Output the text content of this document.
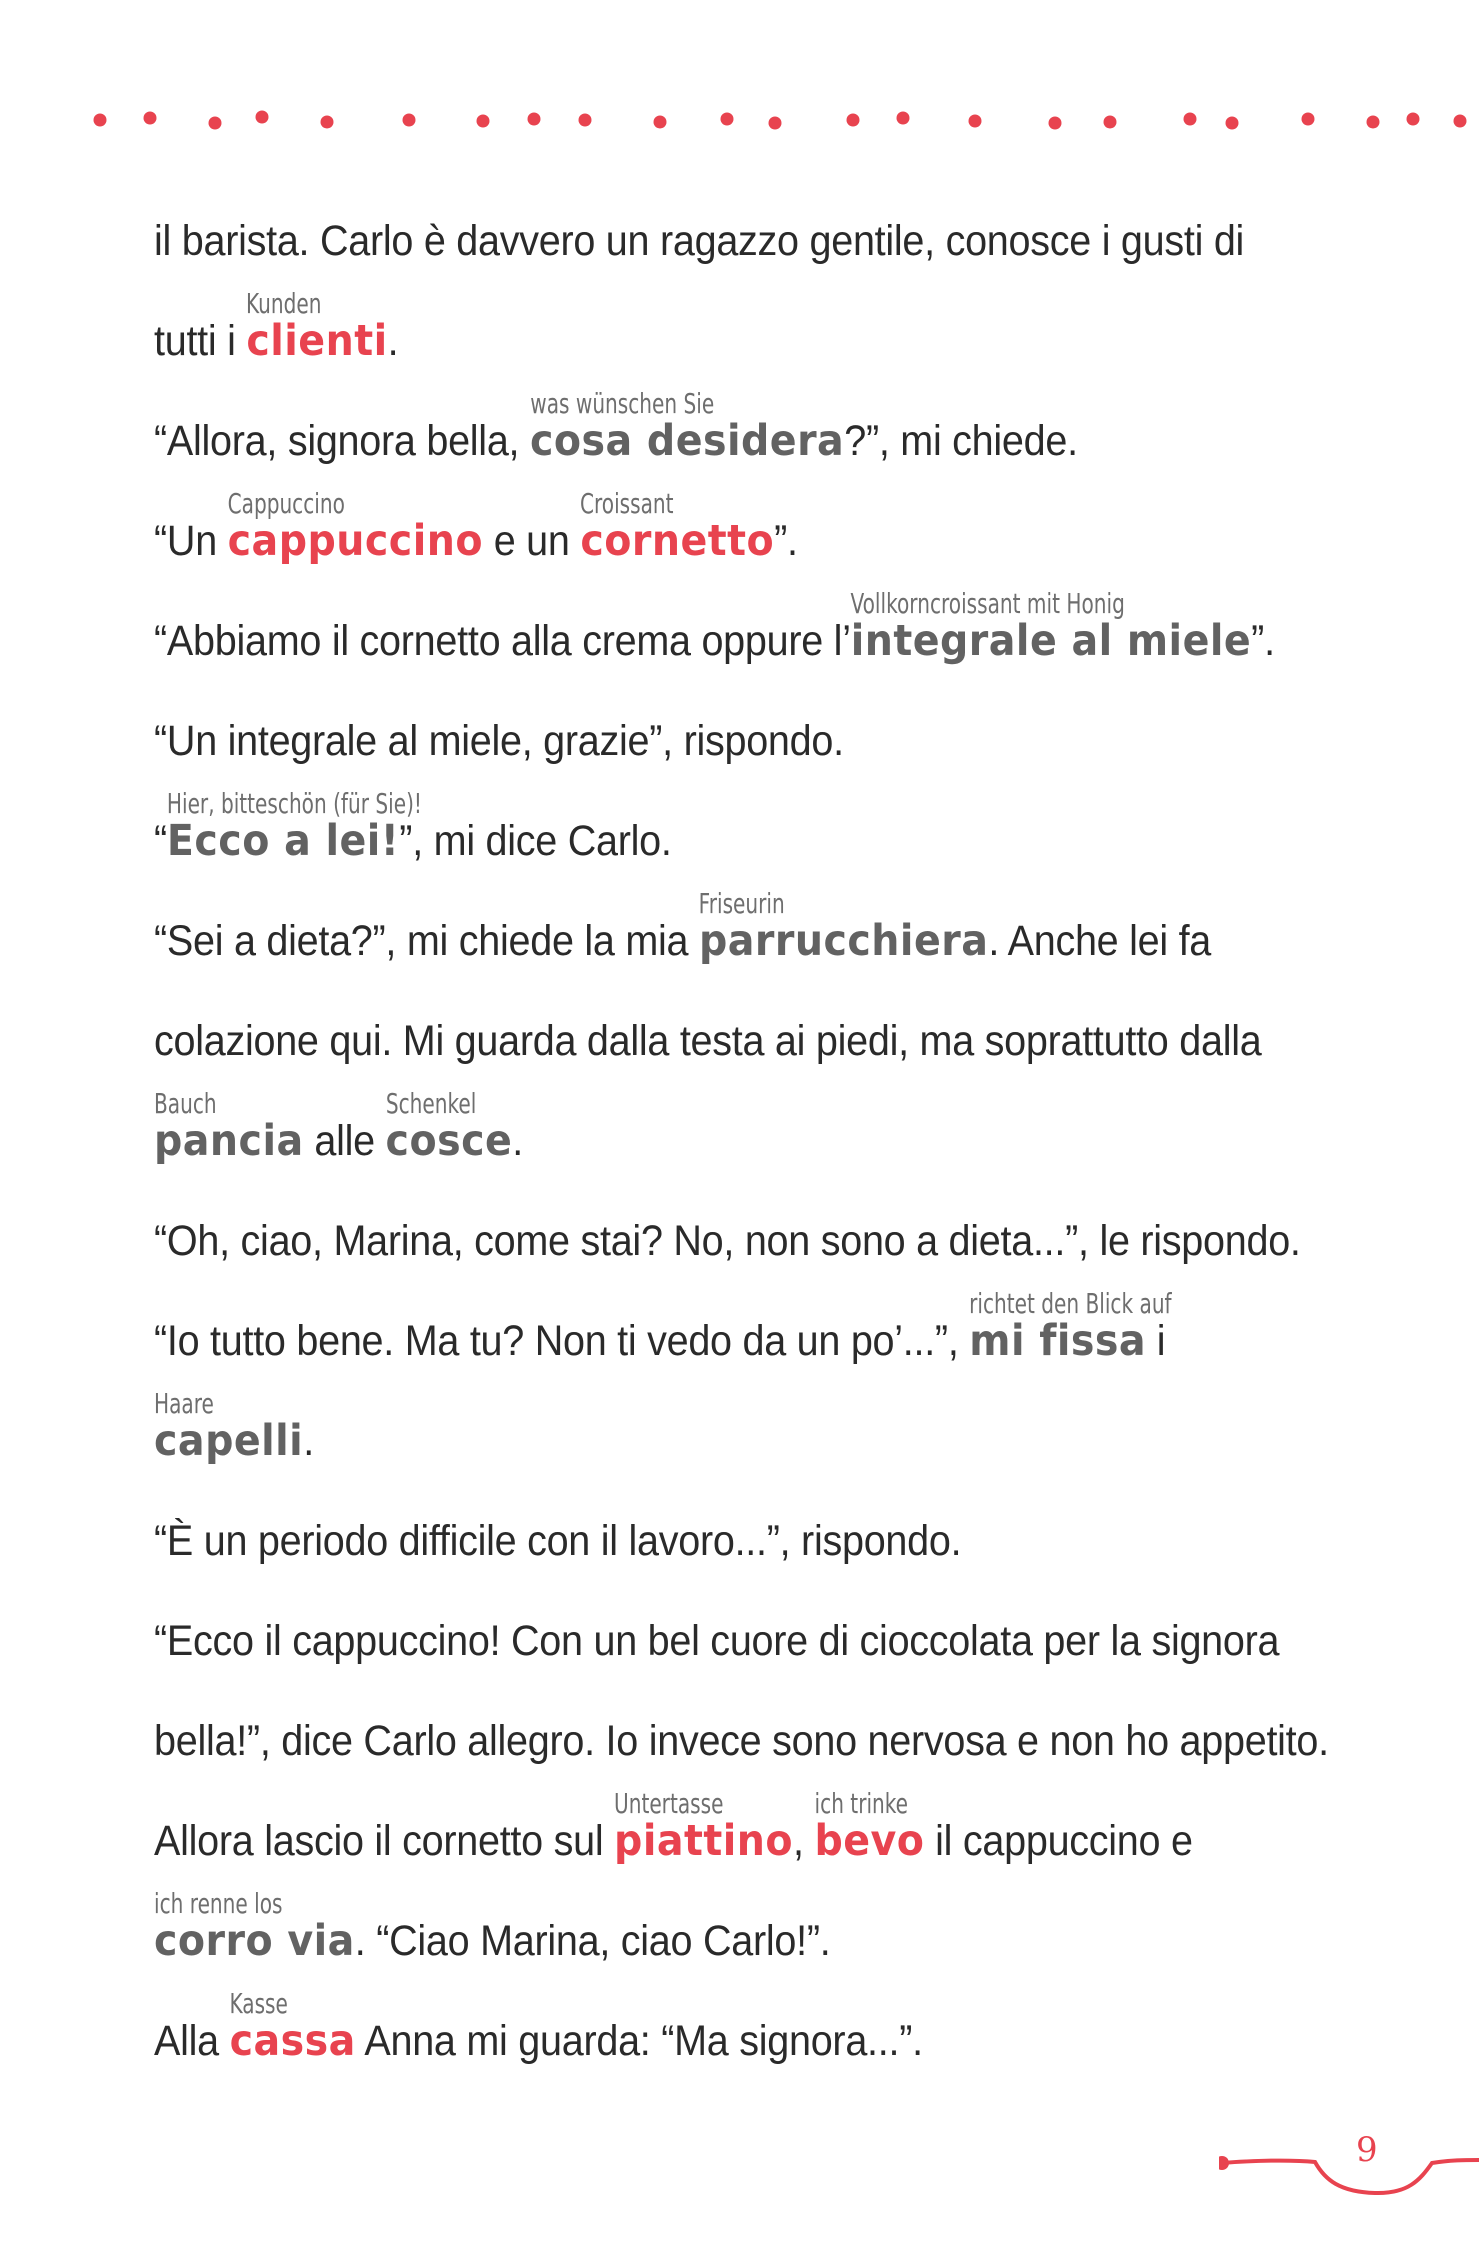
il barista. Carlo è davvero un ragazzo gentile, conosce i gusti di

tutti i clienti
Kunden
.

“Allora, signora bella, cosa desidera
was wünschen Sie
?”, mi chiede.

“Un cappuccino
Cappuccino
e un cornetto
Croissant
”.

“Abbiamo il cornetto alla crema oppure l’integrale al miele
Vollkorncroissant mit Honig
”.

“Un integrale al miele, grazie”, rispondo.

“Ecco a lei!
Hier, bitteschön (für Sie)!
”, mi dice Carlo.

“Sei a dieta?”, mi chiede la mia parrucchiera
Friseurin
. Anche lei fa

colazione qui. Mi guarda dalla testa ai piedi, ma soprattutto dalla

pancia
Bauch
alle cosce
Schenkel
.

“Oh, ciao, Marina, come stai? No, non sono a dieta...”, le rispondo.

“Io tutto bene. Ma tu? Non ti vedo da un po’...”, mi fissa
richtet den Blick auf
i

capelli
Haare
.

“È un periodo difficile con il lavoro...”, rispondo.

“Ecco il cappuccino! Con un bel cuore di cioccolata per la signora

bella!”, dice Carlo allegro. Io invece sono nervosa e non ho appetito.

Allora lascio il cornetto sul piattino
Untertasse
, bevo
ich trinke
il cappuccino e

corro via
ich renne los
. “Ciao Marina, ciao Carlo!”.

Alla cassa
Kasse
Anna mi guarda: “Ma signora...”.

9
